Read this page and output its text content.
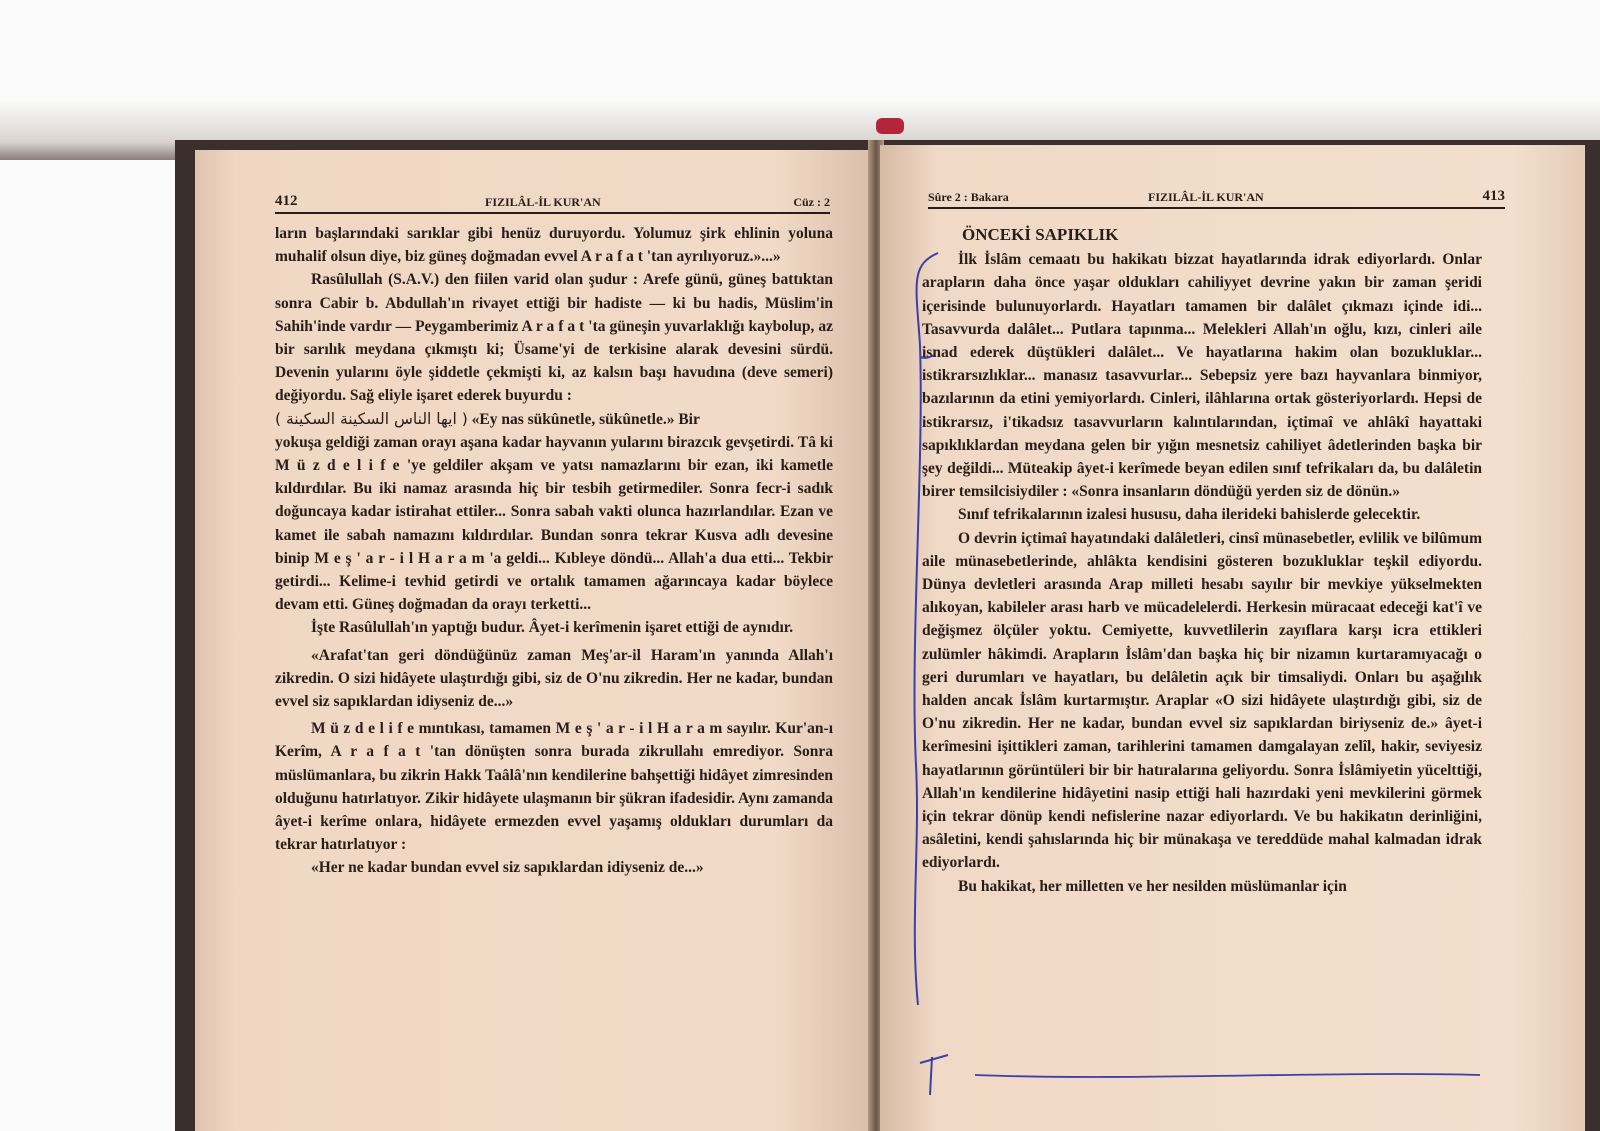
412	FIZILÂL-İL KUR'AN	Cüz : 2

ların başlarındaki sarıklar gibi henüz duruyordu. Yolumuz şirk ehlinin yoluna muhalif olsun diye, biz güneş doğmadan evvel A r a f a t 'tan ayrılıyoruz.»...»

Rasûlullah (S.A.V.) den fiilen varid olan şudur : Arefe günü, güneş battıktan sonra Cabir b. Abdullah'ın rivayet ettiği bir hadiste — ki bu hadis, Müslim'in Sahih'inde vardır — Peygamberimiz A r a f a t 'ta güneşin yuvarlaklığı kaybolup, az bir sarılık meydana çıkmıştı ki; Üsame'yi de terkisine alarak devesini sürdü. Devenin yularını öyle şiddetle çekmişti ki, az kalsın başı havudına (deve semeri) değiyordu. Sağ eliyle işaret ederek buyurdu :

( ايها الناس السكينة السكينة ) «Ey nas sükûnetle, sükûnetle.» Bir

yokuşa geldiği zaman orayı aşana kadar hayvanın yularını birazcık gevşetirdi. Tâ ki M ü z d e l i f e 'ye geldiler akşam ve yatsı namazlarını bir ezan, iki kametle kıldırdılar. Bu iki namaz arasında hiç bir tesbih getirmediler. Sonra fecr-i sadık doğuncaya kadar istirahat ettiler... Sonra sabah vakti olunca hazırlandılar. Ezan ve kamet ile sabah namazını kıldırdılar. Bundan sonra tekrar Kusva adlı devesine binip M e ş ' a r - i l H a r a m 'a geldi... Kıbleye döndü... Allah'a dua etti... Tekbir getirdi... Kelime-i tevhid getirdi ve ortalık tamamen ağarıncaya kadar böylece devam etti. Güneş doğmadan da orayı terketti...

İşte Rasûlullah'ın yaptığı budur. Âyet-i kerîmenin işaret ettiği de aynıdır.

«Arafat'tan geri döndüğünüz zaman Meş'ar-il Haram'ın yanında Allah'ı zikredin. O sizi hidâyete ulaştırdığı gibi, siz de O'nu zikredin. Her ne kadar, bundan evvel siz sapıklardan idiyseniz de...»

M ü z d e l i f e mıntıkası, tamamen M e ş ' a r - i l H a r a m sayılır. Kur'an-ı Kerîm, A r a f a t 'tan dönüşten sonra burada zikrullahı emrediyor. Sonra müslümanlara, bu zikrin Hakk Taâlâ'nın kendilerine bahşettiği hidâyet zimresinden olduğunu hatırlatıyor. Zikir hidâyete ulaşmanın bir şükran ifadesidir. Aynı zamanda âyet-i kerîme onlara, hidâyete ermezden evvel yaşamış oldukları durumları da tekrar hatırlatıyor :

«Her ne kadar bundan evvel siz sapıklardan idiyseniz de...»

Sûre 2 : Bakara	FIZILÂL-İL KUR'AN	413
ÖNCEKİ SAPIKLIK

İlk İslâm cemaatı bu hakikatı bizzat hayatlarında idrak ediyorlardı. Onlar arapların daha önce yaşar oldukları cahiliyyet devrine yakın bir zaman şeridi içerisinde bulunuyorlardı. Hayatları tamamen bir dalâlet çıkmazı içinde idi... Tasavvurda dalâlet... Putlara tapınma... Melekleri Allah'ın oğlu, kızı, cinleri aile isnad ederek düştükleri dalâlet... Ve hayatlarına hakim olan bozukluklar... istikrarsızlıklar... manasız tasavvurlar... Sebepsiz yere bazı hayvanlara binmiyor, bazılarının da etini yemiyorlardı. Cinleri, ilâhlarına ortak gösteriyorlardı. Hepsi de istikrarsız, i'tikadsız tasavvurların kalıntılarından, içtimaî ve ahlâkî hayattaki sapıklıklardan meydana gelen bir yığın mesnetsiz cahiliyet âdetlerinden başka bir şey değildi... Müteakip âyet-i kerîmede beyan edilen sınıf tefrikaları da, bu dalâletin birer temsilcisiydiler : «Sonra insanların döndüğü yerden siz de dönün.»

Sınıf tefrikalarının izalesi hususu, daha ilerideki bahislerde gelecektir.

O devrin içtimaî hayatındaki dalâletleri, cinsî münasebetler, evlilik ve bilûmum aile münasebetlerinde, ahlâkta kendisini gösteren bozukluklar teşkil ediyordu. Dünya devletleri arasında Arap milleti hesabı sayılır bir mevkiye yükselmekten alıkoyan, kabileler arası harb ve mücadelelerdi. Herkesin müracaat edeceği kat'î ve değişmez ölçüler yoktu. Cemiyette, kuvvetlilerin zayıflara karşı icra ettikleri zulümler hâkimdi. Arapların İslâm'dan başka hiç bir nizamın kurtaramıyacağı o geri durumları ve hayatları, bu delâletin açık bir timsaliydi. Onları bu aşağılık halden ancak İslâm kurtarmıştır. Araplar «O sizi hidâyete ulaştırdığı gibi, siz de O'nu zikredin. Her ne kadar, bundan evvel siz sapıklardan biriyseniz de.» âyet-i kerîmesini işittikleri zaman, tarihlerini tamamen damgalayan zelîl, hakir, seviyesiz hayatlarının görüntüleri bir bir hatıralarına geliyordu. Sonra İslâmiyetin yücelttiği, Allah'ın kendilerine hidâyetini nasip ettiği hali hazırdaki yeni mevkilerini görmek için tekrar dönüp kendi nefislerine nazar ediyorlardı. Ve bu hakikatın derinliğini, asâletini, kendi şahıslarında hiç bir münakaşa ve tereddüde mahal kalmadan idrak ediyorlardı.

Bu hakikat, her milletten ve her nesilden müslümanlar için
